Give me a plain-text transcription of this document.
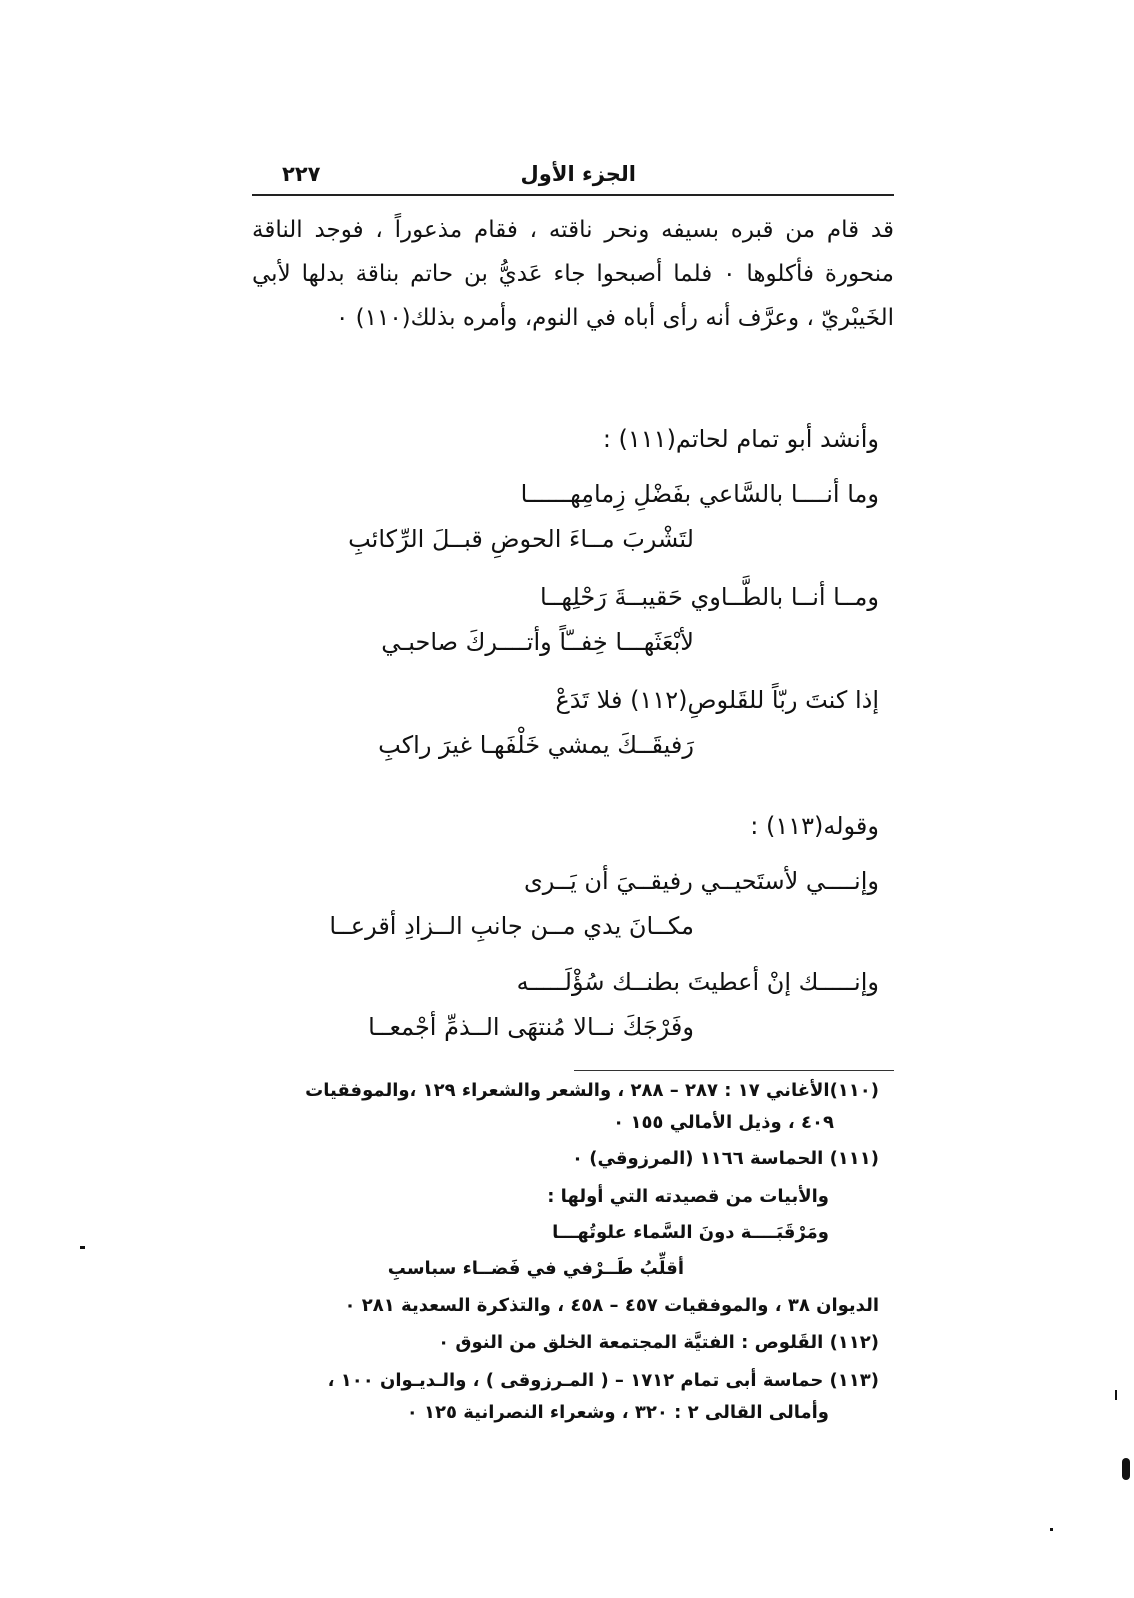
الجزء الأول
٢٢٧
قد قام من قبره بسيفه ونحر ناقته ، فقام مذعوراً ، فوجد الناقة منحورة فأكلوها ٠ فلما أصبحوا جاء عَديُّ بن حاتم بناقة بدلها لأبي الخَيبْريّ ، وعرَّف أنه رأى أباه في النوم، وأمره بذلك(١١٠) ٠
وأنشد أبو تمام لحاتم(١١١) :
وما أنــــا بالسَّاعي بفَضْلِ زِمامِهــــــا
لتَشْربَ مــاءَ الحوضِ قبــلَ الرِّكائبِ
ومــا أنــا بالطَّــاوي حَقيبــةَ رَحْلِهــا
لأبْعَثَهـــا خِفــّاً وأتــــركَ صاحبـي
إذا كنتَ ربّاً للقَلوصِ(١١٢) فلا تَدَعْ
رَفيقَــكَ يمشي خَلْفَهـا غيرَ راكبِ
وقوله(١١٣) :
وإنــــي لأستَحيــي رفيقــيَ أن يَــرى
مكــانَ يدي مــن جانبِ الــزادِ أقرعــا
وإنـــــك إنْ أعطيتَ بطنــك سُؤْلَـــــه
وفَرْجَكَ نــالا مُنتهَى الــذمِّ أجْمعــا
(١١٠)الأغاني ١٧ : ٢٨٧ – ٢٨٨ ، والشعر والشعراء ١٢٩ ،والموفقيات
٤٠٩ ، وذيل الأمالي ١٥٥ ٠
(١١١) الحماسة ١١٦٦ (المرزوقي) ٠
والأبيات من قصيدته التي أولها :
ومَرْقَبَــــة دونَ السَّماء علوتُهـــا
أقلِّبُ طَــرْفي في فَضــاء سباسبِ
الديوان ٣٨ ، والموفقيات ٤٥٧ – ٤٥٨ ، والتذكرة السعدية ٢٨١ ٠
(١١٢) القَلوص : الفتيَّة المجتمعة الخلق من النوق ٠
(١١٣) حماسة أبى تمام ١٧١٢ – ( المـرزوقى ) ، والـديـوان ١٠٠ ،
وأمالى القالى ٢ : ٣٢٠ ، وشعراء النصرانية ١٢٥ ٠
